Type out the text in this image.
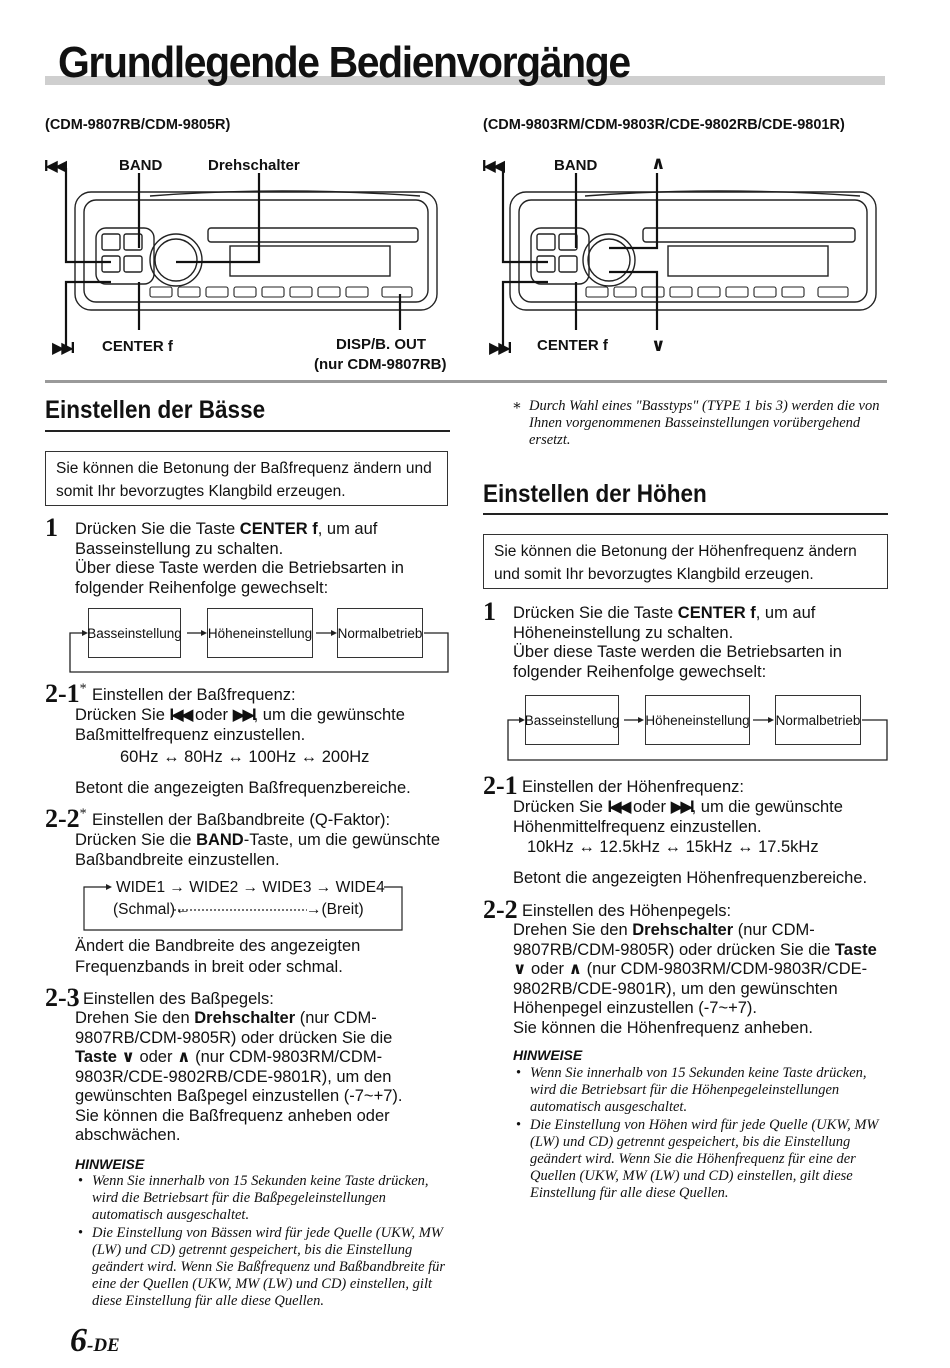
Grundlegende Bedienvorgänge
(CDM-9807RB/CDM-9805R)	(CDM-9803RM/CDM-9803R/CDE-9802RB/CDE-9801R)
I◀◀	BAND	Drehschalter
▶▶I CENTER f	DISP/B. OUT
(nur CDM-9807RB)
I◀◀	BAND	∧
▶▶I CENTER f ∨
Einstellen der Bässe
Sie können die Betonung der Baßfrequenz ändern und somit Ihr bevorzugtes Klangbild erzeugen.
1 Drücken Sie die Taste CENTER f, um auf Basseinstellung zu schalten.
Über diese Taste werden die Betriebsarten in folgender Reihenfolge gewechselt:
Basseinstellung Höheneinstellung Normalbetrieb
2-1* Einstellen der Baßfrequenz:
Drücken Sie I◀◀ oder ▶▶I, um die gewünschte Baßmittelfrequenz einzustellen.
60Hz ↔ 80Hz ↔ 100Hz ↔ 200Hz
Betont die angezeigten Baßfrequenzbereiche.
2-2* Einstellen der Baßbandbreite (Q-Faktor):
Drücken Sie die BAND-Taste, um die gewünschte Baßbandbreite einzustellen.
WIDE1 → WIDE2 → WIDE3 → WIDE4
(Schmal)←	→(Breit)
Ändert die Bandbreite des angezeigten Frequenzbands in breit oder schmal.
2-3 Einstellen des Baßpegels:
Drehen Sie den Drehschalter (nur CDM-9807RB/CDM-9805R) oder drücken Sie die Taste ∨ oder ∧ (nur CDM-9803RM/CDM-9803R/CDE-9802RB/CDE-9801R), um den gewünschten Baßpegel einzustellen (-7~+7).
Sie können die Baßfrequenz anheben oder abschwächen.
HINWEISE
• Wenn Sie innerhalb von 15 Sekunden keine Taste drücken, wird die Betriebsart für die Baßpegeleinstellungen automatisch ausgeschaltet.
• Die Einstellung von Bässen wird für jede Quelle (UKW, MW (LW) und CD) getrennt gespeichert, bis die Einstellung geändert wird. Wenn Sie Baßfrequenz und Baßbandbreite für eine der Quellen (UKW, MW (LW) und CD) einstellen, gilt diese Einstellung für alle diese Quellen.
6-DE
∗ Durch Wahl eines "Basstyps" (TYPE 1 bis 3) werden die von Ihnen vorgenommenen Basseinstellungen vorübergehend ersetzt.
Einstellen der Höhen
Sie können die Betonung der Höhenfrequenz ändern und somit Ihr bevorzugtes Klangbild erzeugen.
1 Drücken Sie die Taste CENTER f, um auf Höheneinstellung zu schalten.
Über diese Taste werden die Betriebsarten in folgender Reihenfolge gewechselt:
Basseinstellung Höheneinstellung Normalbetrieb
2-1 Einstellen der Höhenfrequenz:
Drücken Sie I◀◀ oder ▶▶I, um die gewünschte Höhenmittelfrequenz einzustellen.
10kHz ↔ 12.5kHz ↔ 15kHz ↔ 17.5kHz
Betont die angezeigten Höhenfrequenzbereiche.
2-2 Einstellen des Höhenpegels:
Drehen Sie den Drehschalter (nur CDM-9807RB/CDM-9805R) oder drücken Sie die Taste ∨ oder ∧ (nur CDM-9803RM/CDM-9803R/CDE-9802RB/CDE-9801R), um den gewünschten Höhenpegel einzustellen (-7~+7).
Sie können die Höhenfrequenz anheben.
HINWEISE
• Wenn Sie innerhalb von 15 Sekunden keine Taste drücken, wird die Betriebsart für die Höhenpegeleinstellungen automatisch ausgeschaltet.
• Die Einstellung von Höhen wird für jede Quelle (UKW, MW (LW) und CD) getrennt gespeichert, bis die Einstellung geändert wird. Wenn Sie die Höhenfrequenz für eine der Quellen (UKW, MW (LW) und CD) einstellen, gilt diese Einstellung für alle diese Quellen.
